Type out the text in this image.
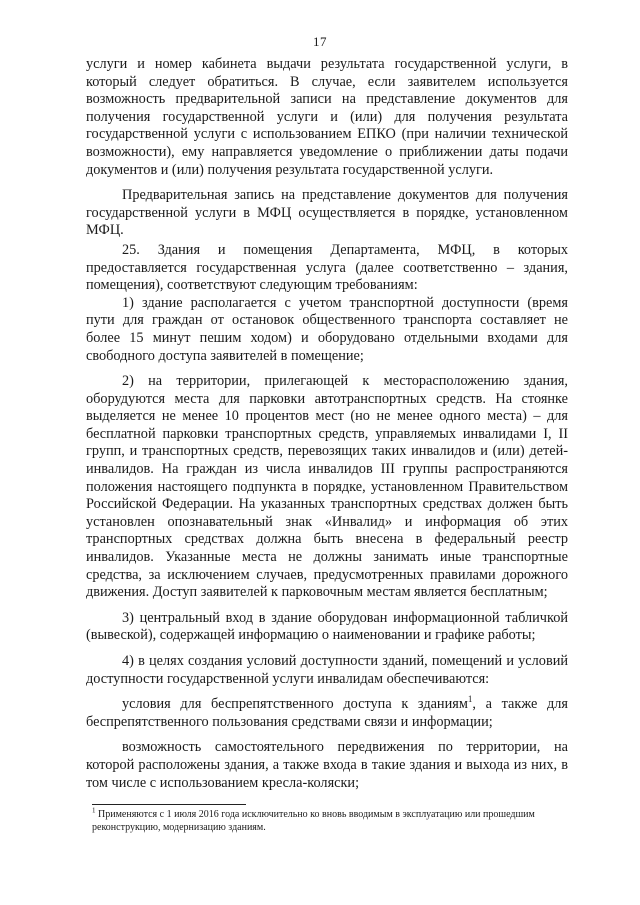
17

услуги и номер кабинета выдачи результата государственной услуги, в который следует обратиться. В случае, если заявителем используется возможность предварительной записи на представление документов для получения государственной услуги и (или) для получения результата государственной услуги с использованием ЕПКО (при наличии технической возможности), ему направляется уведомление о приближении даты подачи документов и (или) получения результата государственной услуги.

Предварительная запись на представление документов для получения государственной услуги в МФЦ осуществляется в порядке, установленном МФЦ.

25. Здания и помещения Департамента, МФЦ, в которых предоставляется государственная услуга (далее соответственно – здания, помещения), соответствуют следующим требованиям:

1) здание располагается с учетом транспортной доступности (время пути для граждан от остановок общественного транспорта составляет не более 15 минут пешим ходом) и оборудовано отдельными входами для свободного доступа заявителей в помещение;

2) на территории, прилегающей к месторасположению здания, оборудуются места для парковки автотранспортных средств. На стоянке выделяется не менее 10 процентов мест (но не менее одного места) – для бесплатной парковки транспортных средств, управляемых инвалидами I, II групп, и транспортных средств, перевозящих таких инвалидов и (или) детей-инвалидов. На граждан из числа инвалидов III группы распространяются положения настоящего подпункта в порядке, установленном Правительством Российской Федерации. На указанных транспортных средствах должен быть установлен опознавательный знак «Инвалид» и информация об этих транспортных средствах должна быть внесена в федеральный реестр инвалидов. Указанные места не должны занимать иные транспортные средства, за исключением случаев, предусмотренных правилами дорожного движения. Доступ заявителей к парковочным местам является бесплатным;

3) центральный вход в здание оборудован информационной табличкой (вывеской), содержащей информацию о наименовании и графике работы;

4) в целях создания условий доступности зданий, помещений и условий доступности государственной услуги инвалидам обеспечиваются:

условия для беспрепятственного доступа к зданиям$^1$, а также для беспрепятственного пользования средствами связи и информации;

возможность самостоятельного передвижения по территории, на которой расположены здания, а также входа в такие здания и выхода из них, в том числе с использованием кресла-коляски;

$^1$ Применяются с 1 июля 2016 года исключительно ко вновь вводимым в эксплуатацию или прошедшим реконструкцию, модернизацию зданиям.
